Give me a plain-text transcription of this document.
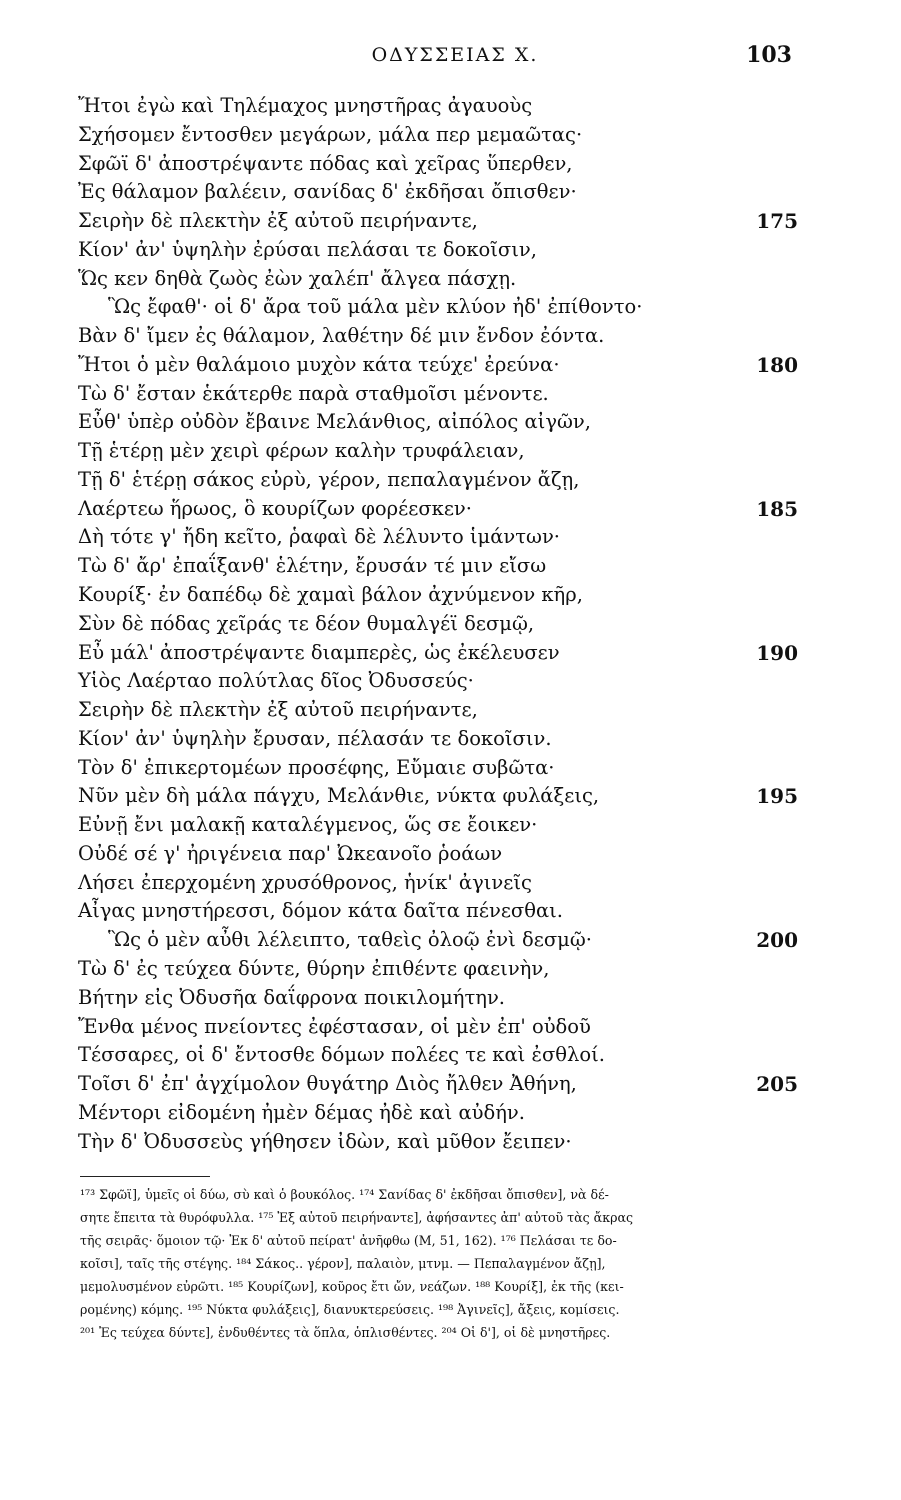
ΟΔΥΣΣΕΙΑΣ Χ.	103
Ἤτοι ἐγὼ καὶ Τηλέμαχος μνηστῆρας ἀγαυοὺς
Σχήσομεν ἔντοσθεν μεγάρων, μάλα περ μεμαῶτας·
Σφῶϊ δ' ἀποστρέψαντε πόδας καὶ χεῖρας ὕπερθεν,
Ἐς θάλαμον βαλέειν, σανίδας δ' ἐκδῆσαι ὄπισθεν·
Σειρὴν δὲ πλεκτὴν ἐξ αὐτοῦ πειρήναντε,	175
Κίον' ἀν' ὑψηλὴν ἐρύσαι πελάσαι τε δοκοῖσιν,
Ὥς κεν δηθὰ ζωὸς ἐὼν χαλέπ' ἄλγεα πάσχῃ.
Ὣς ἔφαθ'· οἱ δ' ἄρα τοῦ μάλα μὲν κλύον ἠδ' ἐπίθοντο·
Βὰν δ' ἴμεν ἐς θάλαμον, λαθέτην δέ μιν ἔνδον ἐόντα.
Ἤτοι ὁ μὲν θαλάμοιο μυχὸν κάτα τεύχε' ἐρεύνα·	180
Τὼ δ' ἔσταν ἑκάτερθε παρὰ σταθμοῖσι μένοντε.
Εὖθ' ὑπὲρ οὐδὸν ἔβαινε Μελάνθιος, αἰπόλος αἰγῶν,
Τῇ ἑτέρῃ μὲν χειρὶ φέρων καλὴν τρυφάλειαν,
Τῇ δ' ἑτέρῃ σάκος εὐρὺ, γέρον, πεπαλαγμένον ἄζῃ,
Λαέρτεω ἥρωος, ὃ κουρίζων φορέεσκεν·	185
Δὴ τότε γ' ἤδη κεῖτο, ῥαφαὶ δὲ λέλυντο ἱμάντων·
Τὼ δ' ἄρ' ἐπαΐξανθ' ἑλέτην, ἔρυσάν τέ μιν εἴσω
Κουρίξ· ἐν δαπέδῳ δὲ χαμαὶ βάλον ἀχνύμενον κῆρ,
Σὺν δὲ πόδας χεῖράς τε δέον θυμαλγέϊ δεσμῷ,
Εὖ μάλ' ἀποστρέψαντε διαμπερὲς, ὡς ἐκέλευσεν	190
Υἱὸς Λαέρταο πολύτλας δῖος Ὀδυσσεύς·
Σειρὴν δὲ πλεκτὴν ἐξ αὐτοῦ πειρήναντε,
Κίον' ἀν' ὑψηλὴν ἔρυσαν, πέλασάν τε δοκοῖσιν.
Τὸν δ' ἐπικερτομέων προσέφης, Εὔμαιε συβῶτα·
Νῦν μὲν δὴ μάλα πάγχυ, Μελάνθιε, νύκτα φυλάξεις,	195
Εὐνῇ ἔνι μαλακῇ καταλέγμενος, ὥς σε ἔοικεν·
Οὐδέ σέ γ' ἠριγένεια παρ' Ὠκεανοῖο ῥοάων
Λήσει ἐπερχομένη χρυσόθρονος, ἡνίκ' ἀγινεῖς
Αἶγας μνηστήρεσσι, δόμον κάτα δαῖτα πένεσθαι.
Ὣς ὁ μὲν αὖθι λέλειπτο, ταθεὶς ὀλοῷ ἐνὶ δεσμῷ·	200
Τὼ δ' ἐς τεύχεα δύντε, θύρην ἐπιθέντε φαεινὴν,
Βήτην εἰς Ὀδυσῆα δαΐφρονα ποικιλομήτην.
Ἔνθα μένος πνείοντες ἐφέστασαν, οἱ μὲν ἐπ' οὐδοῦ
Τέσσαρες, οἱ δ' ἔντοσθε δόμων πολέες τε καὶ ἐσθλοί.
Τοῖσι δ' ἐπ' ἀγχίμολον θυγάτηρ Διὸς ἤλθεν Ἀθήνη,	205
Μέντορι εἰδομένη ἠμὲν δέμας ἠδὲ καὶ αὐδήν.
Τὴν δ' Ὀδυσσεὺς γήθησεν ἰδὼν, καὶ μῦθον ἔειπεν·
¹⁷³ Σφῶϊ], ὑμεῖς οἱ δύω, σὺ καὶ ὁ βουκόλος. ¹⁷⁴ Σανίδας δ' ἐκδῆσαι ὄπισθεν], νὰ δέ-
σητε ἔπειτα τὰ θυρόφυλλα. ¹⁷⁵ Ἐξ αὐτοῦ πειρήναντε], ἀφήσαντες ἀπ' αὐτοῦ τὰς ἄκρας
τῆς σειρᾶς· ὅμοιον τῷ· Ἐκ δ' αὐτοῦ πείρατ' ἀνῆφθω (Μ, 51, 162). ¹⁷⁶ Πελάσαι τε δο-
κοῖσι], ταῖς τῆς στέγης. ¹⁸⁴ Σάκος.. γέρον], παλαιὸν, μτνμ. — Πεπαλαγμένον ἄζῃ],
μεμολυσμένον εὐρῶτι. ¹⁸⁵ Κουρίζων], κοῦρος ἔτι ὤν, νεάζων. ¹⁸⁸ Κουρίξ], ἐκ τῆς (κει-
ρομένης) κόμης. ¹⁹⁵ Νύκτα φυλάξεις], διανυκτερεύσεις. ¹⁹⁸ Ἀγινεῖς], ἄξεις, κομίσεις.
²⁰¹ Ἐς τεύχεα δύντε], ἐνδυθέντες τὰ ὅπλα, ὁπλισθέντες. ²⁰⁴ Οἱ δ'], οἱ δὲ μνηστῆρες.
